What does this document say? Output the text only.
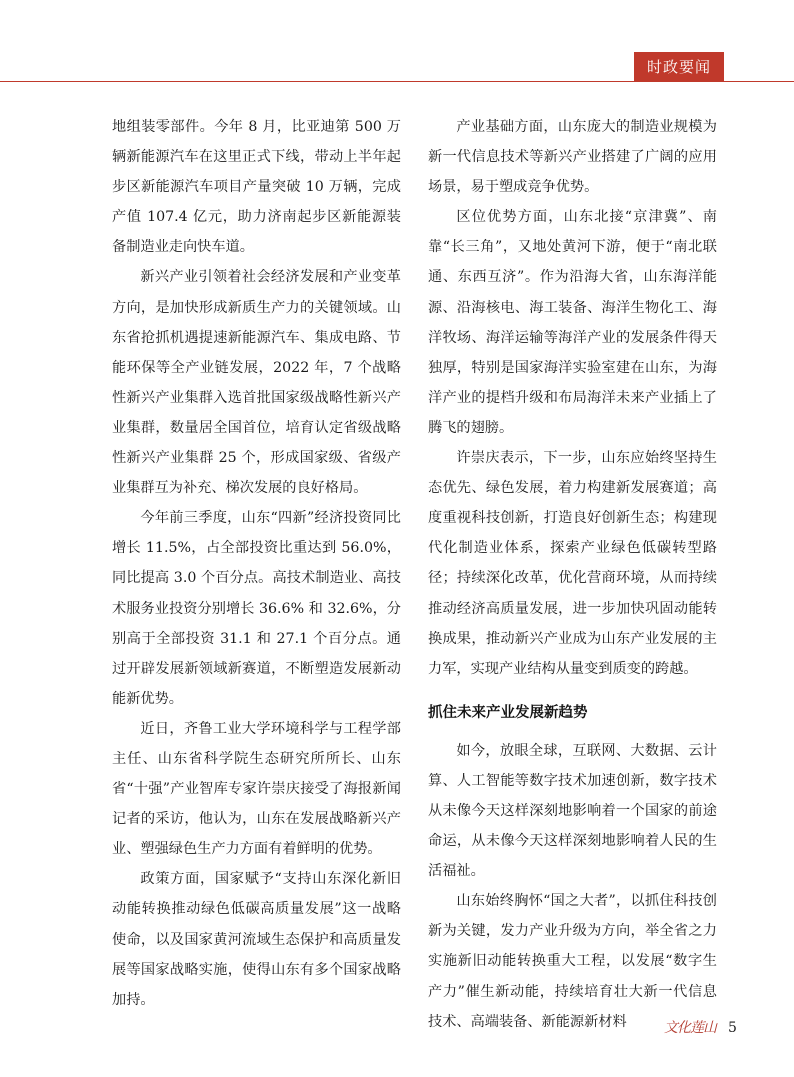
时政要闻

地组装零部件。今年 8 月，比亚迪第 500 万辆新能源汽车在这里正式下线，带动上半年起步区新能源汽车项目产量突破 10 万辆，完成产值 107.4 亿元，助力济南起步区新能源装备制造业走向快车道。

新兴产业引领着社会经济发展和产业变革方向，是加快形成新质生产力的关键领域。山东省抢抓机遇提速新能源汽车、集成电路、节能环保等全产业链发展，2022 年，7 个战略性新兴产业集群入选首批国家级战略性新兴产业集群，数量居全国首位，培育认定省级战略性新兴产业集群 25 个，形成国家级、省级产业集群互为补充、梯次发展的良好格局。

今年前三季度，山东“四新”经济投资同比增长 11.5%，占全部投资比重达到 56.0%，同比提高 3.0 个百分点。高技术制造业、高技术服务业投资分别增长 36.6% 和 32.6%，分别高于全部投资 31.1 和 27.1 个百分点。通过开辟发展新领域新赛道，不断塑造发展新动能新优势。

近日，齐鲁工业大学环境科学与工程学部主任、山东省科学院生态研究所所长、山东省“十强”产业智库专家许崇庆接受了海报新闻记者的采访，他认为，山东在发展战略新兴产业、塑强绿色生产力方面有着鲜明的优势。

政策方面，国家赋予“支持山东深化新旧动能转换推动绿色低碳高质量发展”这一战略使命，以及国家黄河流域生态保护和高质量发展等国家战略实施，使得山东有多个国家战略加持。

产业基础方面，山东庞大的制造业规模为新一代信息技术等新兴产业搭建了广阔的应用场景，易于塑成竞争优势。

区位优势方面，山东北接“京津冀”、南靠“长三角”，又地处黄河下游，便于“南北联通、东西互济”。作为沿海大省，山东海洋能源、沿海核电、海工装备、海洋生物化工、海洋牧场、海洋运输等海洋产业的发展条件得天独厚，特别是国家海洋实验室建在山东，为海洋产业的提档升级和布局海洋未来产业插上了腾飞的翅膀。

许崇庆表示，下一步，山东应始终坚持生态优先、绿色发展，着力构建新发展赛道；高度重视科技创新，打造良好创新生态；构建现代化制造业体系，探索产业绿色低碳转型路径；持续深化改革，优化营商环境，从而持续推动经济高质量发展，进一步加快巩固动能转换成果，推动新兴产业成为山东产业发展的主力军，实现产业结构从量变到质变的跨越。

抓住未来产业发展新趋势

如今，放眼全球，互联网、大数据、云计算、人工智能等数字技术加速创新，数字技术从未像今天这样深刻地影响着一个国家的前途命运，从未像今天这样深刻地影响着人民的生活福祉。

山东始终胸怀“国之大者”，以抓住科技创新为关键，发力产业升级为方向，举全省之力实施新旧动能转换重大工程，以发展“数字生产力”催生新动能，持续培育壮大新一代信息技术、高端装备、新能源新材料	文化莲山 5
